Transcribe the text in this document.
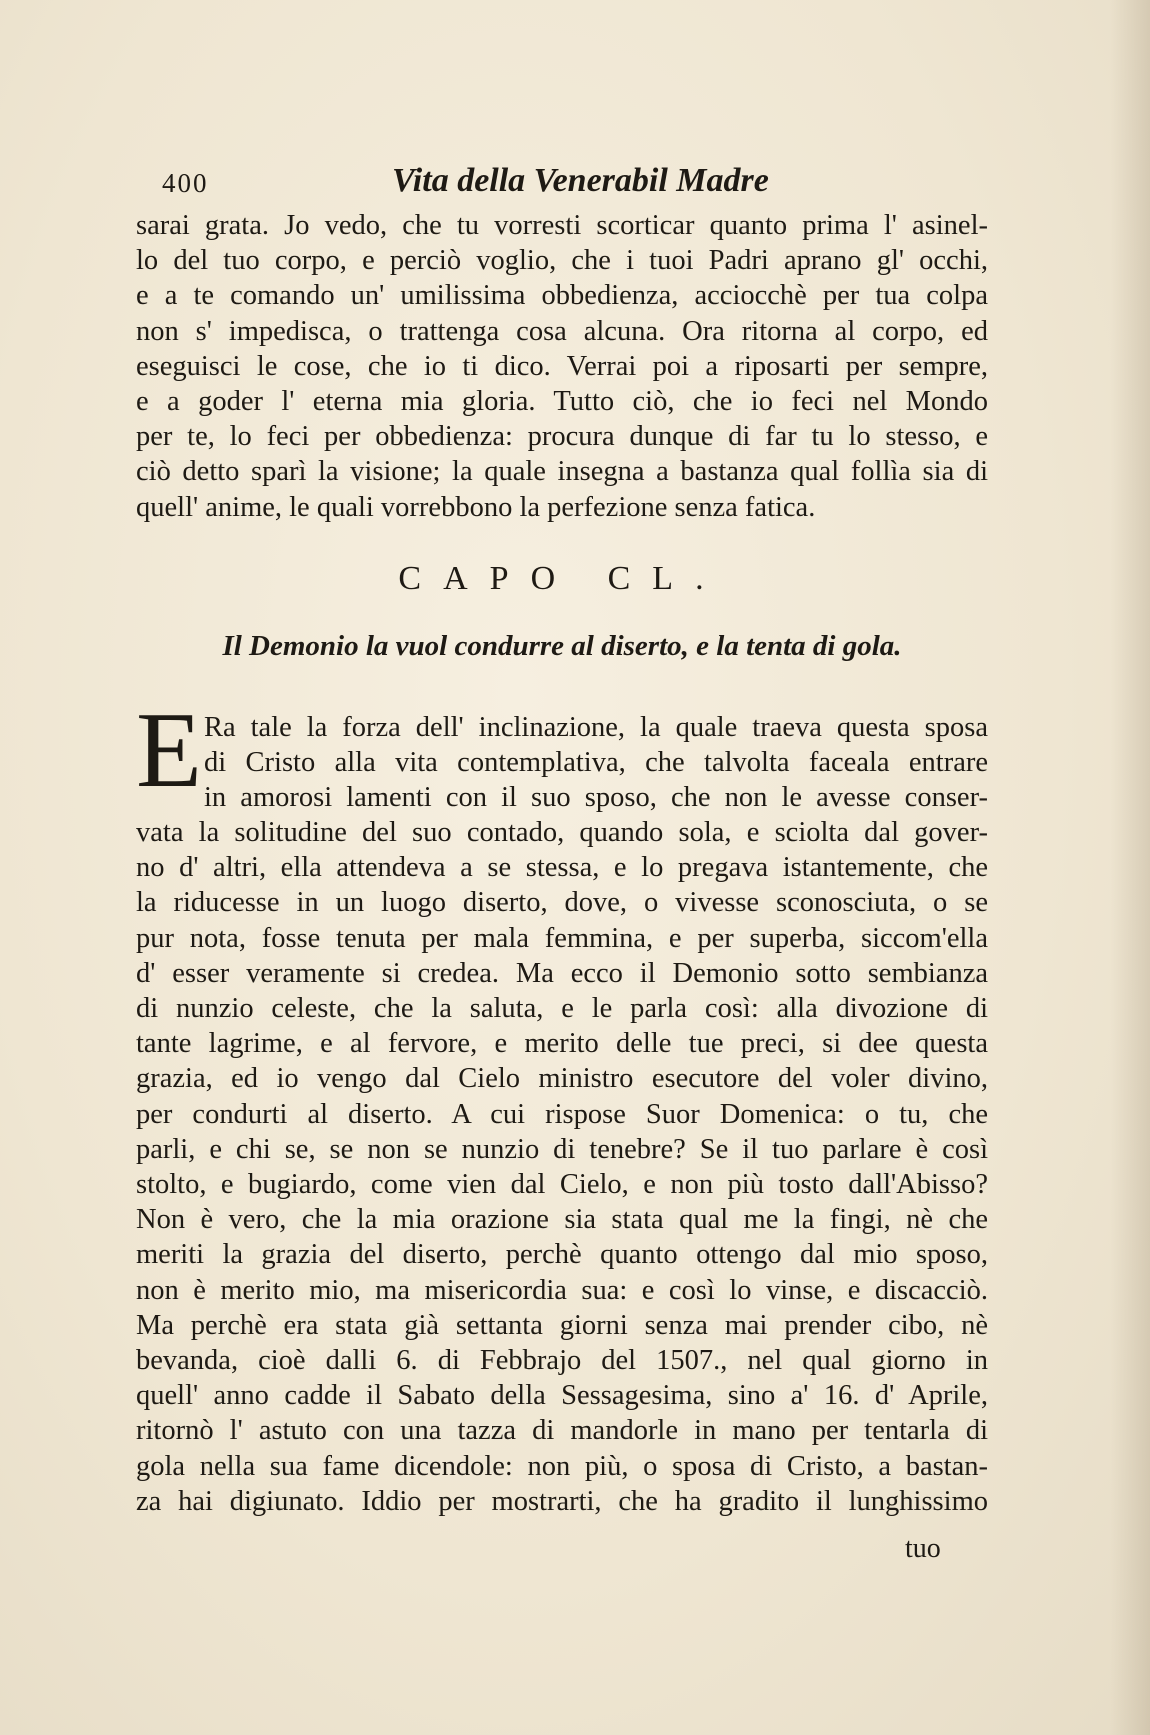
400	Vita della Venerabil Madre
sarai grata. Jo vedo, che tu vorresti scorticar quanto prima l' asinel-
lo del tuo corpo, e perciò voglio, che i tuoi Padri aprano gl' occhi,
e a te comando un' umilissima obbedienza, acciocchè per tua colpa
non s' impedisca, o trattenga cosa alcuna. Ora ritorna al corpo, ed
eseguisci le cose, che io ti dico. Verrai poi a riposarti per sempre,
e a goder l' eterna mia gloria. Tutto ciò, che io feci nel Mondo
per te, lo feci per obbedienza: procura dunque di far tu lo stesso, e
ciò detto sparì la visione; la quale insegna a bastanza qual follìa sia di
quell' anime, le quali vorrebbono la perfezione senza fatica.
CAPO CL.
Il Demonio la vuol condurre al diserto, e la tenta di gola.
E Ra tale la forza dell' inclinazione, la quale traeva questa sposa
di Cristo alla vita contemplativa, che talvolta faceala entrare
in amorosi lamenti con il suo sposo, che non le avesse conser-
vata la solitudine del suo contado, quando sola, e sciolta dal gover-
no d' altri, ella attendeva a se stessa, e lo pregava istantemente, che
la riducesse in un luogo diserto, dove, o vivesse sconosciuta, o se
pur nota, fosse tenuta per mala femmina, e per superba, siccom'ella
d' esser veramente si credea. Ma ecco il Demonio sotto sembianza
di nunzio celeste, che la saluta, e le parla così: alla divozione di
tante lagrime, e al fervore, e merito delle tue preci, si dee questa
grazia, ed io vengo dal Cielo ministro esecutore del voler divino,
per condurti al diserto. A cui rispose Suor Domenica: o tu, che
parli, e chi se, se non se nunzio di tenebre? Se il tuo parlare è così
stolto, e bugiardo, come vien dal Cielo, e non più tosto dall'Abisso?
Non è vero, che la mia orazione sia stata qual me la fingi, nè che
meriti la grazia del diserto, perchè quanto ottengo dal mio sposo,
non è merito mio, ma misericordia sua: e così lo vinse, e discacciò.
Ma perchè era stata già settanta giorni senza mai prender cibo, nè
bevanda, cioè dalli 6. di Febbrajo del 1507., nel qual giorno in
quell' anno cadde il Sabato della Sessagesima, sino a' 16. d' Aprile,
ritornò l' astuto con una tazza di mandorle in mano per tentarla di
gola nella sua fame dicendole: non più, o sposa di Cristo, a bastan-
za hai digiunato. Iddio per mostrarti, che ha gradito il lunghissimo
tuo
